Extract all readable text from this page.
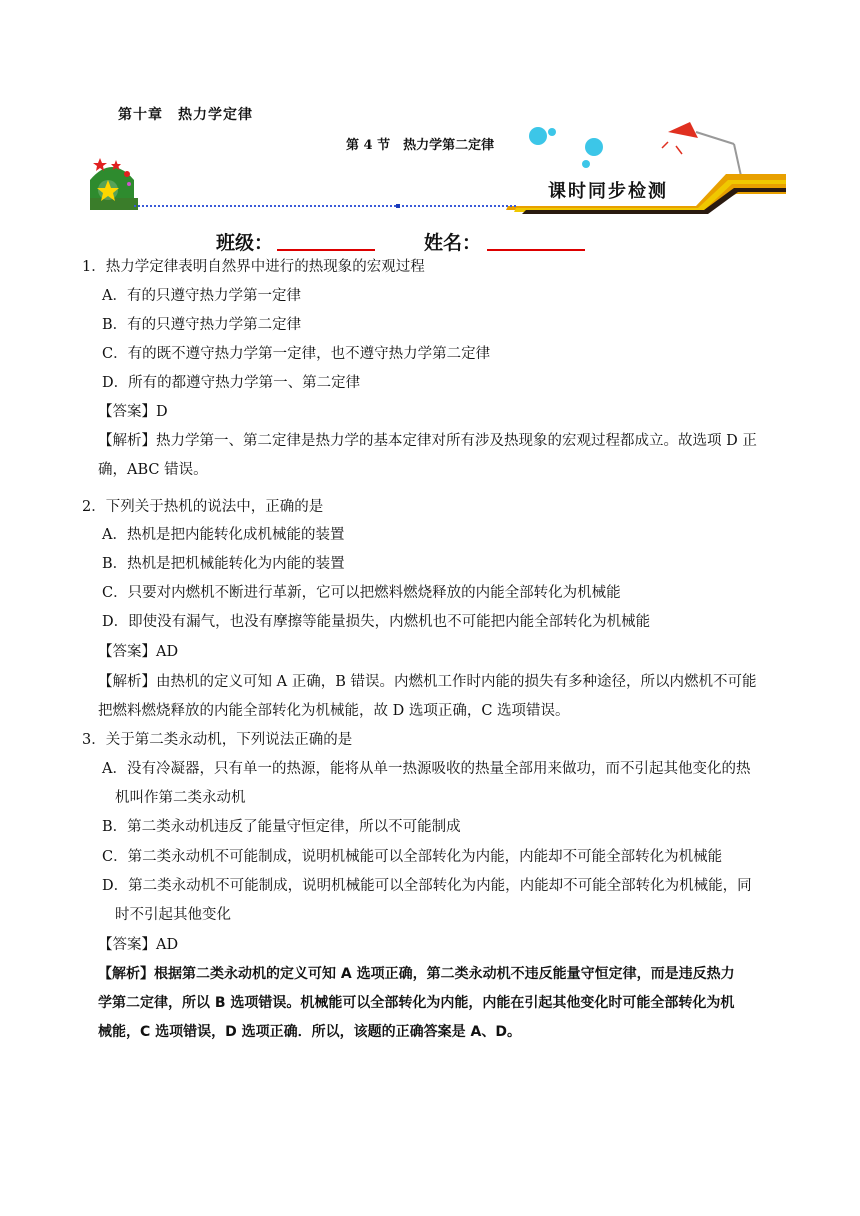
第十章　热力学定律
第 4 节　热力学第二定律
课时同步检测
班级：	姓名：
1．热力学定律表明自然界中进行的热现象的宏观过程
A．有的只遵守热力学第一定律
B．有的只遵守热力学第二定律
C．有的既不遵守热力学第一定律，也不遵守热力学第二定律
D．所有的都遵守热力学第一、第二定律
【答案】D
【解析】热力学第一、第二定律是热力学的基本定律对所有涉及热现象的宏观过程都成立。故选项 D 正
确，ABC 错误。
2．下列关于热机的说法中，正确的是
A．热机是把内能转化成机械能的装置
B．热机是把机械能转化为内能的装置
C．只要对内燃机不断进行革新，它可以把燃料燃烧释放的内能全部转化为机械能
D．即使没有漏气，也没有摩擦等能量损失，内燃机也不可能把内能全部转化为机械能
【答案】AD
【解析】由热机的定义可知 A 正确，B 错误。内燃机工作时内能的损失有多种途径，所以内燃机不可能
把燃料燃烧释放的内能全部转化为机械能，故 D 选项正确，C 选项错误。
3．关于第二类永动机，下列说法正确的是
A．没有冷凝器，只有单一的热源，能将从单一热源吸收的热量全部用来做功，而不引起其他变化的热
机叫作第二类永动机
B．第二类永动机违反了能量守恒定律，所以不可能制成
C．第二类永动机不可能制成，说明机械能可以全部转化为内能，内能却不可能全部转化为机械能
D．第二类永动机不可能制成，说明机械能可以全部转化为内能，内能却不可能全部转化为机械能，同
时不引起其他变化
【答案】AD
【解析】根据第二类永动机的定义可知 A 选项正确，第二类永动机不违反能量守恒定律，而是违反热力
学第二定律，所以 B 选项错误。机械能可以全部转化为内能，内能在引起其他变化时可能全部转化为机
械能，C 选项错误，D 选项正确．所以，该题的正确答案是 A、D。
